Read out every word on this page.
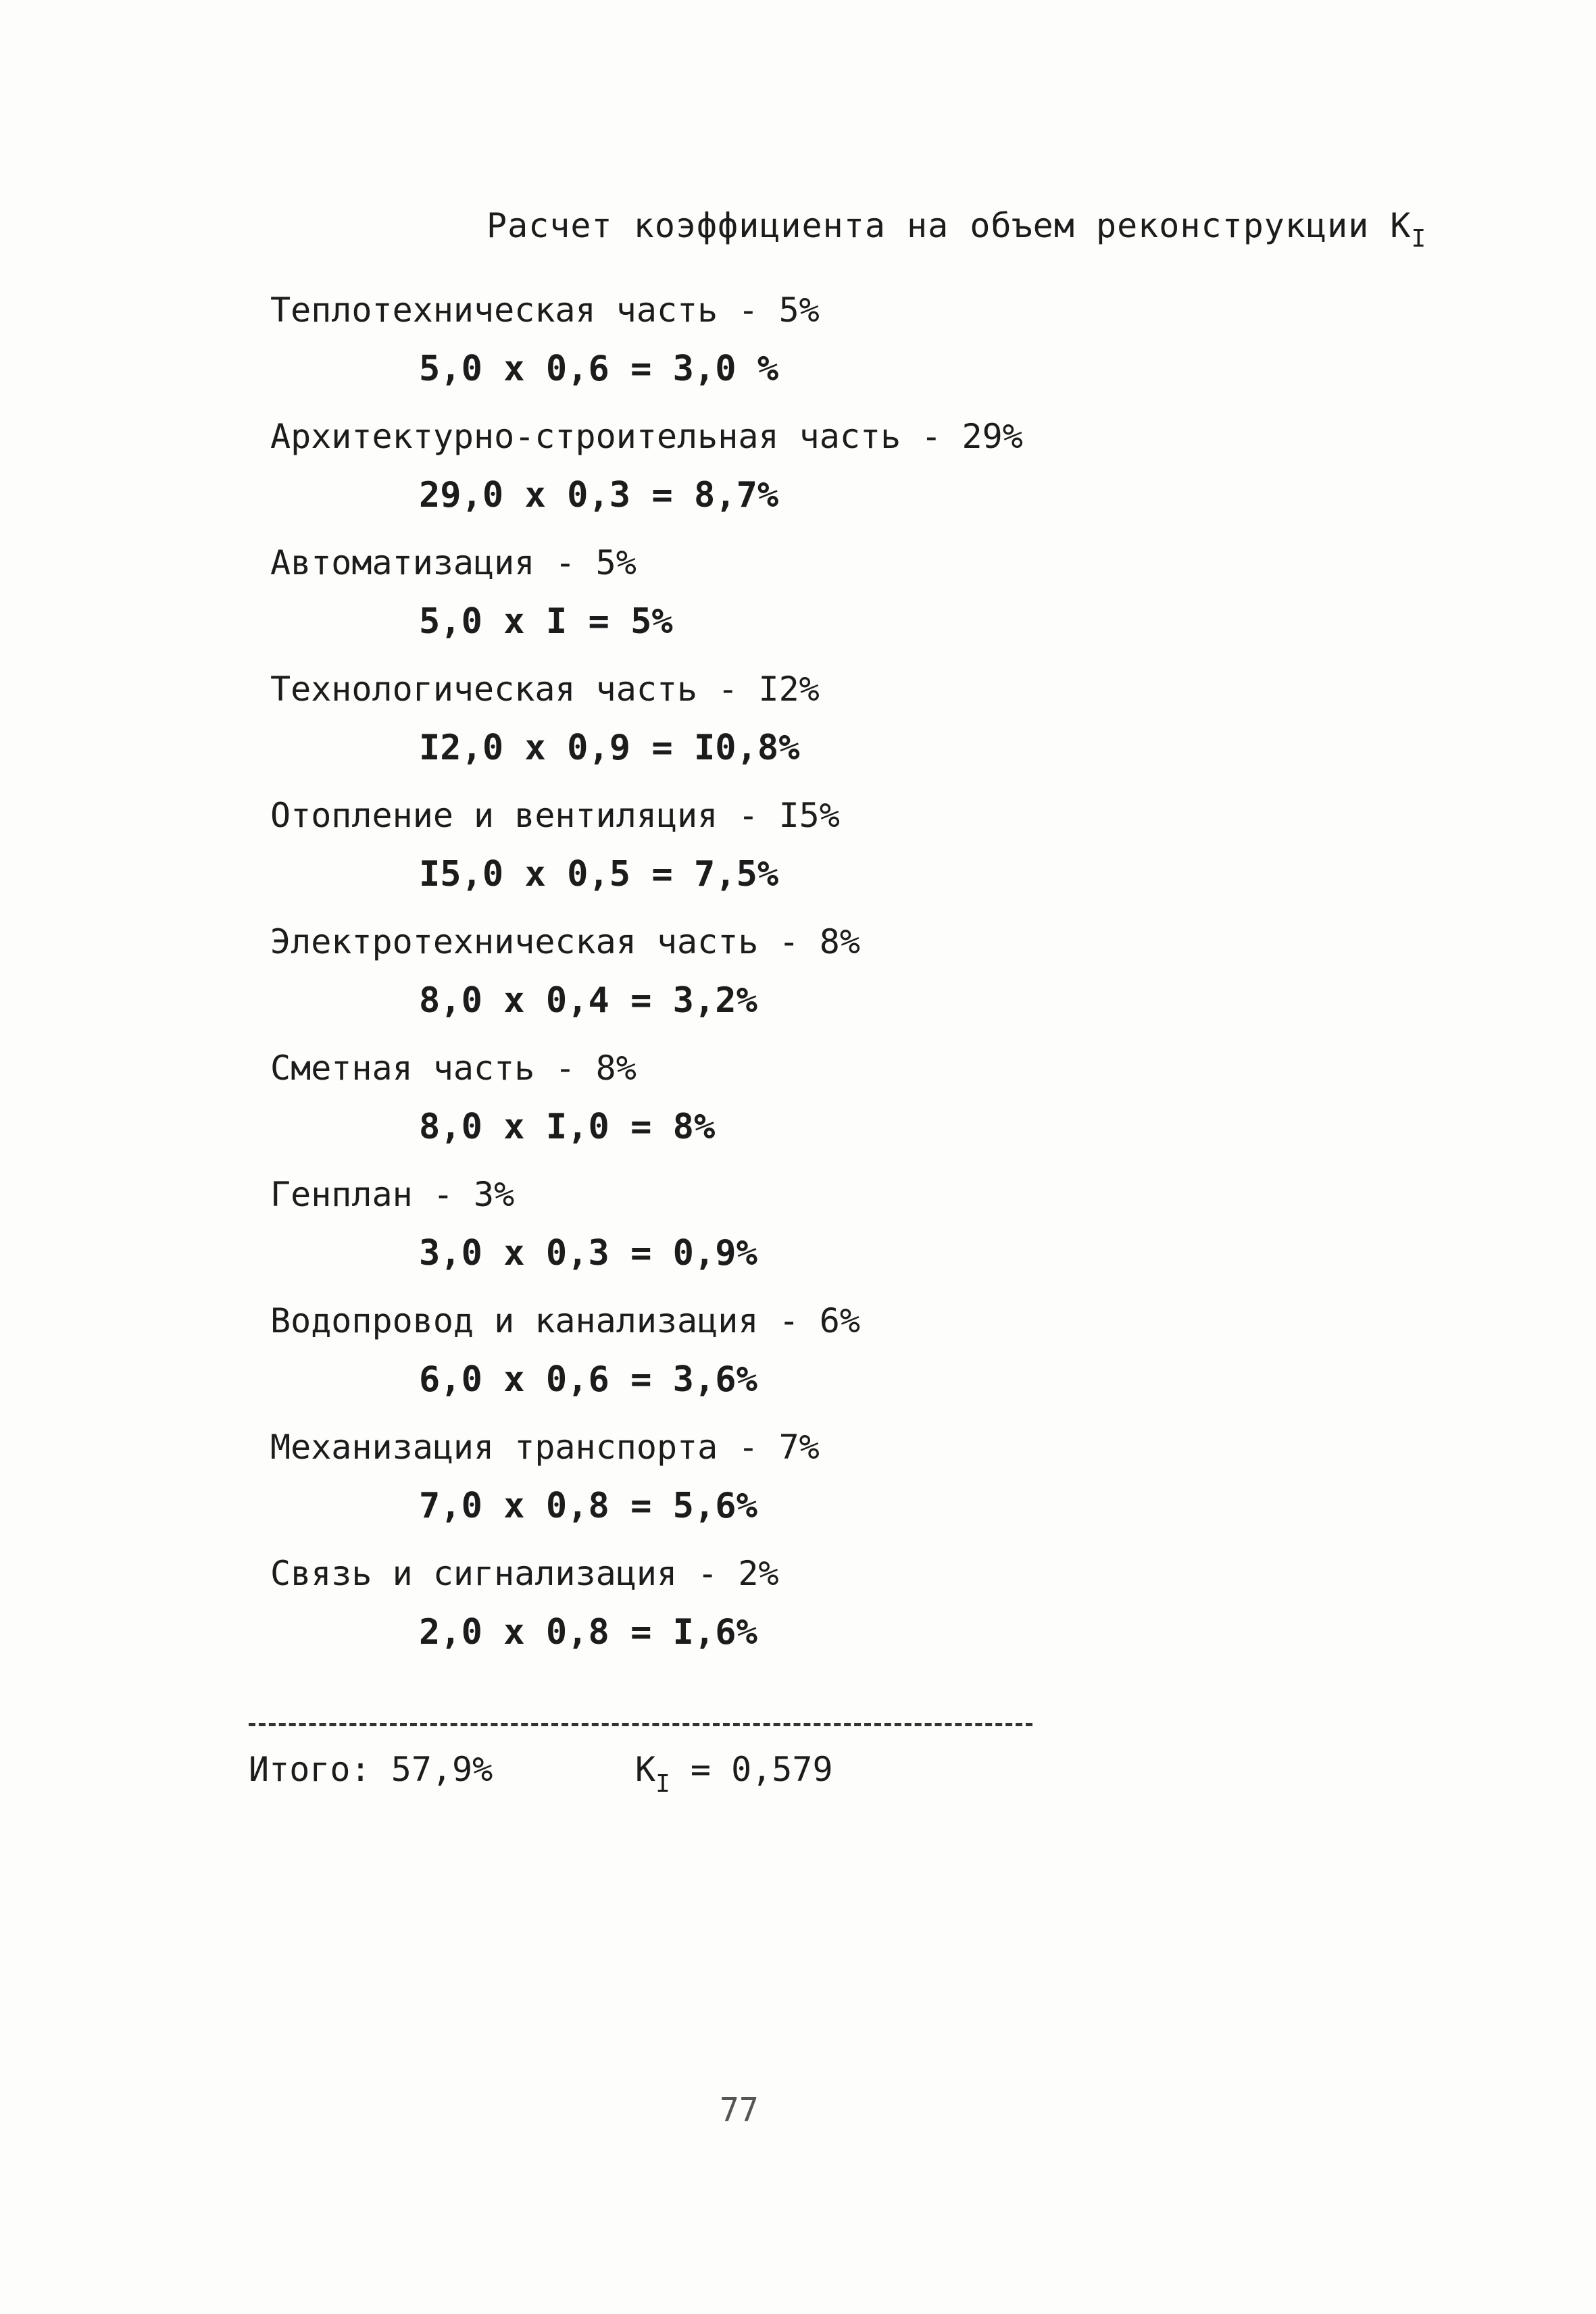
Расчет коэффициента на объем реконструкции $К_I$
Теплотехническая часть - 5%
5,0 x 0,6 = 3,0 %
Архитектурно-строительная часть - 29%
29,0 x 0,3 = 8,7%
Автоматизация - 5%
5,0 x I = 5%
Технологическая часть - I2%
I2,0 x 0,9 = I0,8%
Отопление и вентиляция - I5%
I5,0 x 0,5 = 7,5%
Электротехническая часть - 8%
8,0 x 0,4 = 3,2%
Сметная часть - 8%
8,0 x I,0 = 8%
Генплан - 3%
3,0 x 0,3 = 0,9%
Водопровод и канализация - 6%
6,0 x 0,6 = 3,6%
Механизация транспорта - 7%
7,0 x 0,8 = 5,6%
Связь и сигнализация - 2%
2,0 x 0,8 = I,6%
Итого: 57,9%	$К_I = 0,579$
77
